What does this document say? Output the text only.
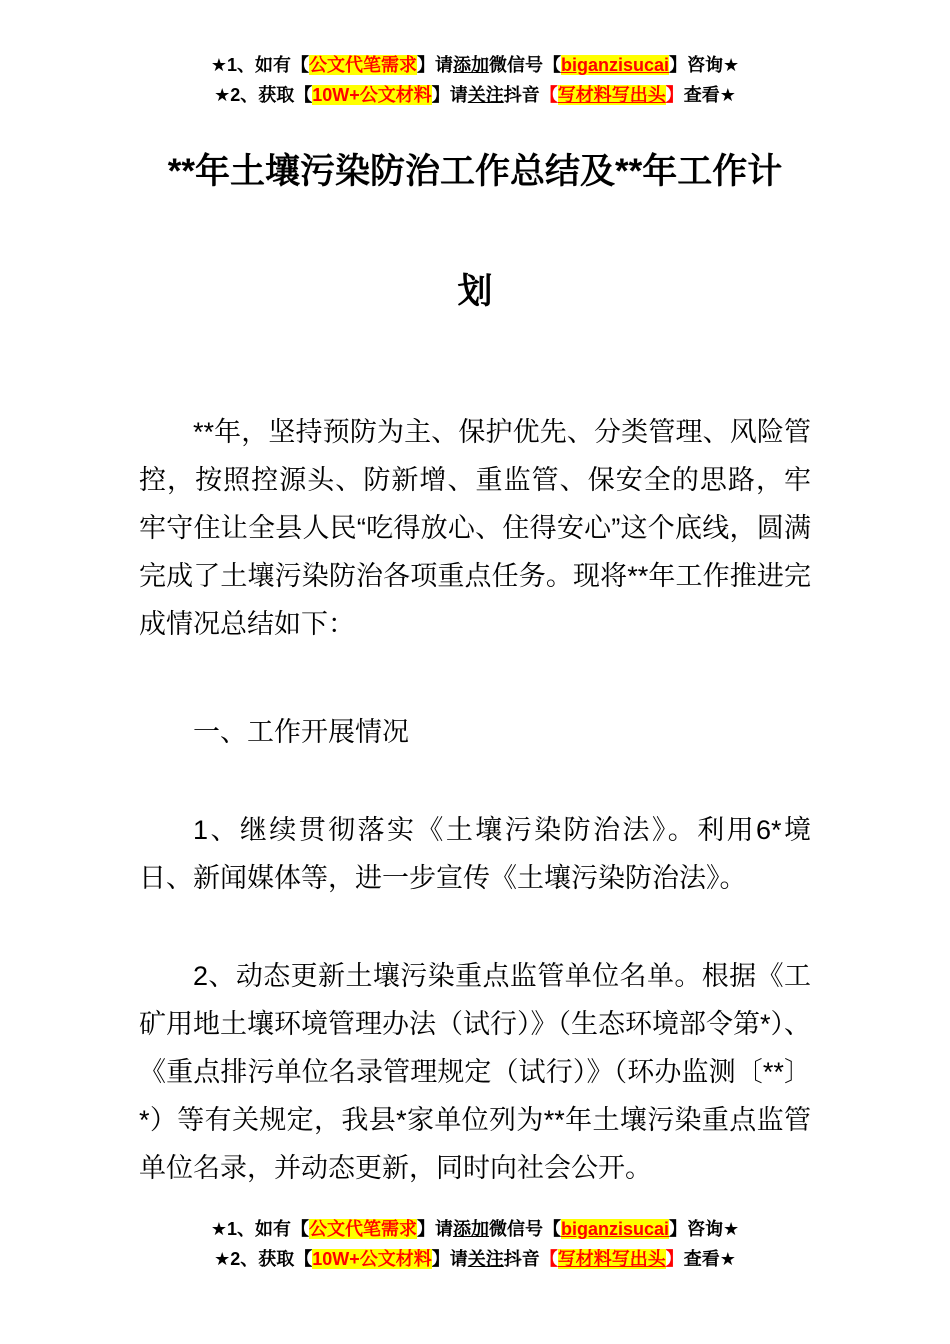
★1、如有【公文代笔需求】请添加微信号【biganzisucai】咨询★
★2、获取【10W+公文材料】请关注抖音【写材料写出头】查看★
**年土壤污染防治工作总结及**年工作计
划

**年，坚持预防为主、保护优先、分类管理、风险管控，按照控源头、防新增、重监管、保安全的思路，牢牢守住让全县人民“吃得放心、住得安心”这个底线，圆满完成了土壤污染防治各项重点任务。现将**年工作推进完成情况总结如下：

一、工作开展情况

1、继续贯彻落实《土壤污染防治法》。利用6*境日、新闻媒体等，进一步宣传《土壤污染防治法》。

2、动态更新土壤污染重点监管单位名单。根据《工矿用地土壤环境管理办法（试行）》（生态环境部令第*）、《重点排污单位名录管理规定（试行）》（环办监测〔**〕*）等有关规定，我县*家单位列为**年土壤污染重点监管单位名录，并动态更新，同时向社会公开。

★1、如有【公文代笔需求】请添加微信号【biganzisucai】咨询★
★2、获取【10W+公文材料】请关注抖音【写材料写出头】查看★
